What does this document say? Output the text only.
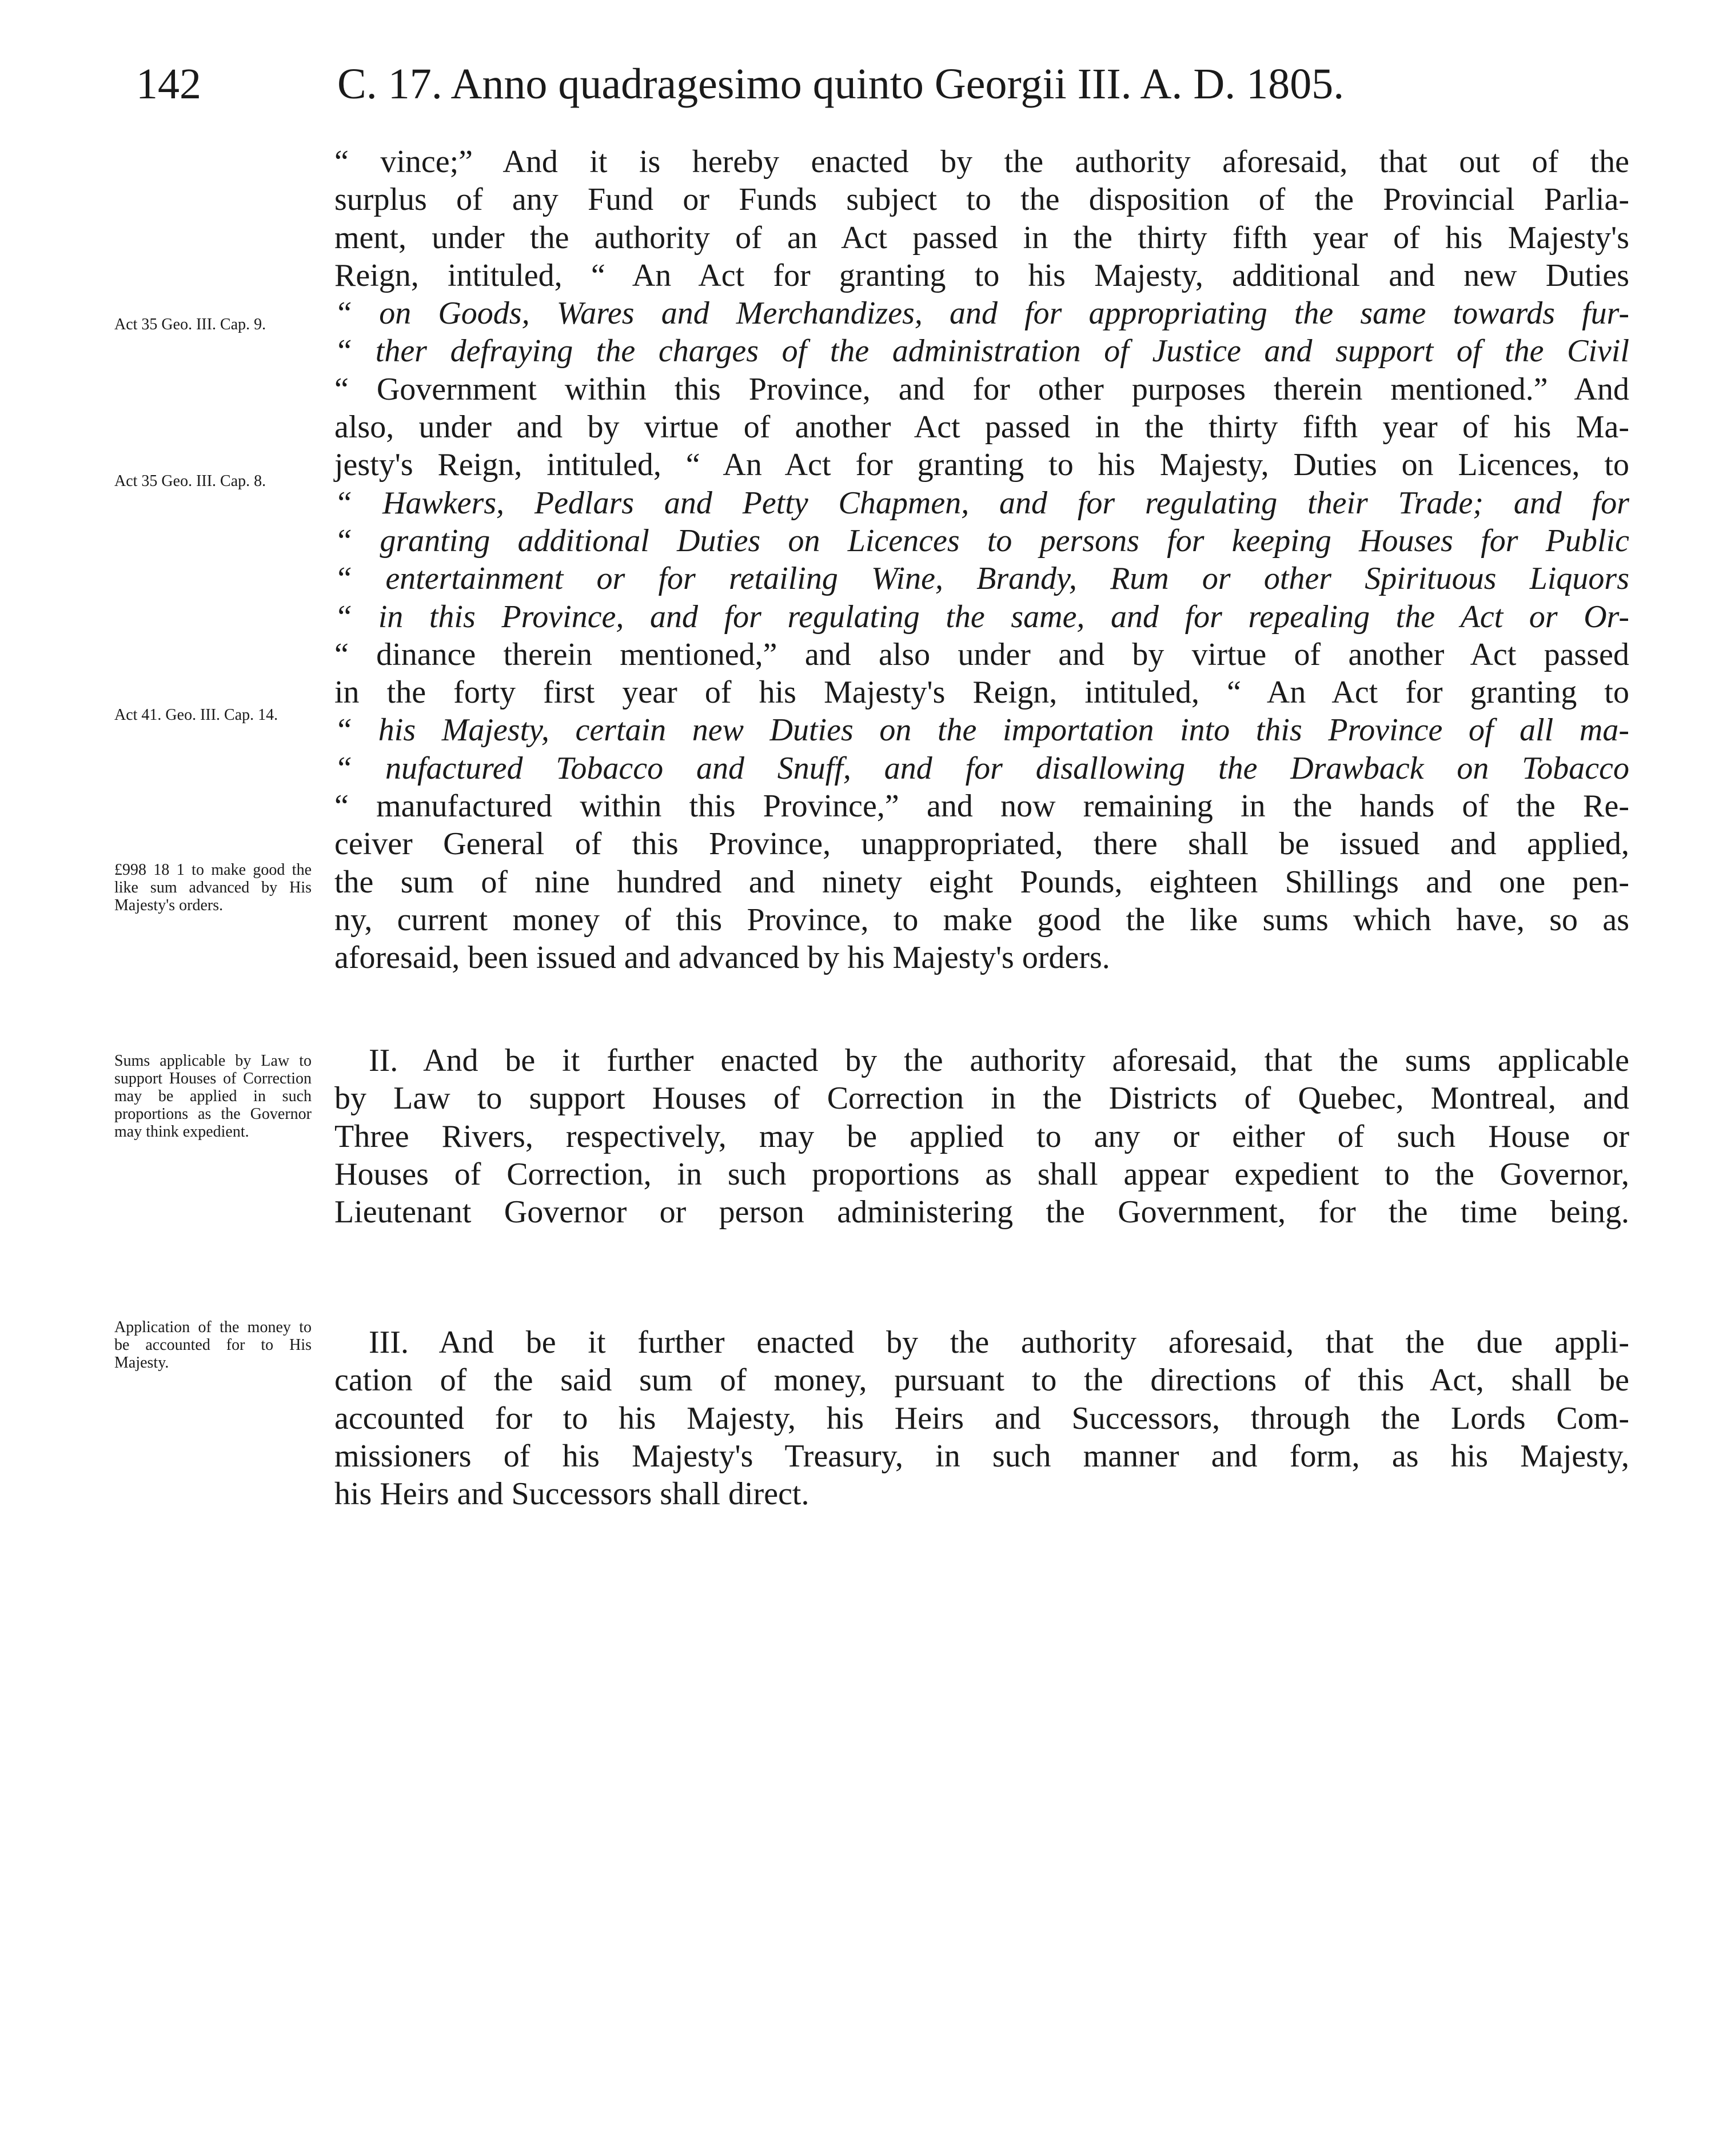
142	C. 17. Anno quadragesimo quinto Georgii III. A. D. 1805.
Act 35 Geo. III. Cap. 9.
Act 35 Geo. III. Cap. 8.
Act 41. Geo. III. Cap. 14.
£998 18 1 to make good the like sum advanced by His Majesty's orders.
Sums applicable by Law to support Houses of Correction may be applied in such proportions as the Governor may think expedient.
Application of the money to be accounted for to His Majesty.
“ vince;” And it is hereby enacted by the authority aforesaid, that out of the
surplus of any Fund or Funds subject to the disposition of the Provincial Parlia-
ment, under the authority of an Act passed in the thirty fifth year of his Majesty's
Reign, intituled, “ An Act for granting to his Majesty, additional and new Duties
“ on Goods, Wares and Merchandizes, and for appropriating the same towards fur-
“ ther defraying the charges of the administration of Justice and support of the Civil
“ Government within this Province, and for other purposes therein mentioned.” And
also, under and by virtue of another Act passed in the thirty fifth year of his Ma-
jesty's Reign, intituled, “ An Act for granting to his Majesty, Duties on Licences, to
“ Hawkers, Pedlars and Petty Chapmen, and for regulating their Trade; and for
“ granting additional Duties on Licences to persons for keeping Houses for Public
“ entertainment or for retailing Wine, Brandy, Rum or other Spirituous Liquors
“ in this Province, and for regulating the same, and for repealing the Act or Or-
“ dinance therein mentioned,” and also under and by virtue of another Act passed
in the forty first year of his Majesty's Reign, intituled, “ An Act for granting to
“ his Majesty, certain new Duties on the importation into this Province of all ma-
“ nufactured Tobacco and Snuff, and for disallowing the Drawback on Tobacco
“ manufactured within this Province,” and now remaining in the hands of the Re-
ceiver General of this Province, unappropriated, there shall be issued and applied,
the sum of nine hundred and ninety eight Pounds, eighteen Shillings and one pen-
ny, current money of this Province, to make good the like sums which have, so as
aforesaid, been issued and advanced by his Majesty's orders.
II. And be it further enacted by the authority aforesaid, that the sums applicable
by Law to support Houses of Correction in the Districts of Quebec, Montreal, and
Three Rivers, respectively, may be applied to any or either of such House or
Houses of Correction, in such proportions as shall appear expedient to the Governor,
Lieutenant Governor or person administering the Government, for the time being.
III. And be it further enacted by the authority aforesaid, that the due appli-
cation of the said sum of money, pursuant to the directions of this Act, shall be
accounted for to his Majesty, his Heirs and Successors, through the Lords Com-
missioners of his Majesty's Treasury, in such manner and form, as his Majesty,
his Heirs and Successors shall direct.
